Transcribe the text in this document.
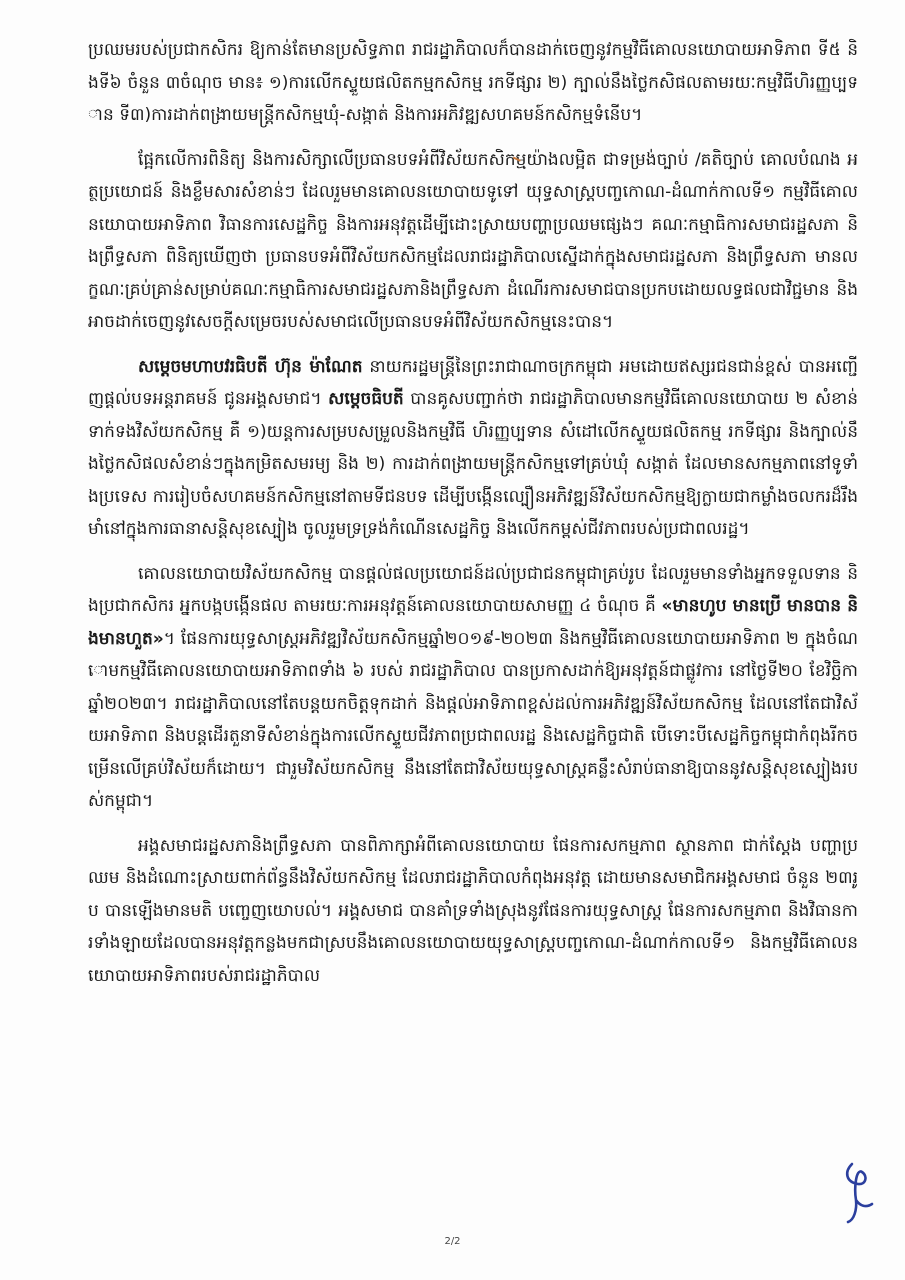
ប្រឈមរបស់ប្រជាកសិករ ឱ្យកាន់តែមានប្រសិទ្ធភាព រាជរដ្ឋាភិបាលក៏បានដាក់ចេញនូវកម្មវិធីគោលនយោបាយអាទិភាព ទី៥ និងទី៦ ចំនួន ៣ចំណុច មាន៖ ១)ការលើកស្ទួយផលិតកម្មកសិកម្ម រកទីផ្សារ ២) ក្បាល់នឹងថ្លៃកសិផលតាមរយៈកម្មវិធីហិរញ្ញប្បទាន ទី៣)ការដាក់ពង្រាយមន្ត្រីកសិកម្មឃុំ-សង្កាត់ និងការអភិវឌ្ឍសហគមន៍កសិកម្មទំនើប។

ផ្អែកលើការពិនិត្យ និងការសិក្សាលើប្រធានបទអំពីវិស័យកសិកម្មយ៉ាងលម្អិត ជាទម្រង់ច្បាប់ /គតិច្បាប់ គោលបំណង អត្ថប្រយោជន៍ និងខ្លឹមសារសំខាន់ៗ ដែលរួមមានគោលនយោបាយទូទៅ យុទ្ធសាស្ត្របញ្ចកោណ-ដំណាក់កាលទី១ កម្មវិធីគោលនយោបាយអាទិភាព វិធានការសេដ្ឋកិច្ច និងការអនុវត្តដើម្បីដោះស្រាយបញ្ហាប្រឈមផ្សេងៗ គណៈកម្មាធិការសមាជរដ្ឋសភា និងព្រឹទ្ធសភា ពិនិត្យឃើញថា ប្រធានបទអំពីវិស័យកសិកម្មដែលរាជរដ្ឋាភិបាលស្នើដាក់ក្នុងសមាជរដ្ឋសភា និងព្រឹទ្ធសភា មានលក្ខណៈគ្រប់គ្រាន់សម្រាប់គណៈកម្មាធិការសមាជរដ្ឋសភានិងព្រឹទ្ធសភា ដំណើរការសមាជបានប្រកបដោយលទ្ធផលជាវិជ្ជមាន និងអាចដាក់ចេញនូវសេចក្តីសម្រេចរបស់សមាជលើប្រធានបទអំពីវិស័យកសិកម្មនេះបាន។

សម្តេចមហាបវរធិបតី ហ៊ុន ម៉ាណែត នាយករដ្ឋមន្ត្រីនៃព្រះរាជាណាចក្រកម្ពុជា អមដោយឥស្សរជនជាន់ខ្ពស់ បានអញ្ជើញផ្តល់បទអន្តរាគមន៍ ជូនអង្គសមាជ។ សម្តេចធិបតី បានគូសបញ្ជាក់ថា រាជរដ្ឋាភិបាលមានកម្មវិធីគោលនយោបាយ ២ សំខាន់ ទាក់ទងវិស័យកសិកម្ម គឺ ១)យន្តការសម្របសម្រួលនិងកម្មវិធី ហិរញ្ញប្បទាន សំដៅលើកស្ទួយផលិតកម្ម រកទីផ្សារ និងក្បាល់នឹងថ្លៃកសិផលសំខាន់ៗក្នុងកម្រិតសមរម្យ និង ២) ការដាក់ពង្រាយមន្ត្រីកសិកម្មទៅគ្រប់ឃុំ សង្កាត់ ដែលមានសកម្មភាពនៅទូទាំងប្រទេស ការរៀបចំសហគមន៍កសិកម្មនៅតាមទីជនបទ ដើម្បីបង្កើនល្បឿនអភិវឌ្ឍន៍វិស័យកសិកម្មឱ្យក្លាយជាកម្លាំងចលករដ៏រឹងមាំនៅក្នុងការធានាសន្តិសុខស្បៀង ចូលរួមទ្រទ្រង់កំណើនសេដ្ឋកិច្ច និងលើកកម្ពស់ជីវភាពរបស់ប្រជាពលរដ្ឋ។

គោលនយោបាយវិស័យកសិកម្ម បានផ្តល់ផលប្រយោជន៍ដល់ប្រជាជនកម្ពុជាគ្រប់រូប ដែលរួមមានទាំងអ្នកទទួលទាន និងប្រជាកសិករ អ្នកបង្កបង្កើនផល តាមរយៈការអនុវត្តន៍គោលនយោបាយសាមញ្ញ ៤ ចំណុច គឺ «មានហូប មានប្រើ មានបាន និងមានហួត»។ ផែនការយុទ្ធសាស្ត្រអភិវឌ្ឍវិស័យកសិកម្មឆ្នាំ២០១៩-២០២៣ និងកម្មវិធីគោលនយោបាយអាទិភាព ២ ក្នុងចំណោមកម្មវិធីគោលនយោបាយអាទិភាពទាំង ៦ របស់ រាជរដ្ឋាភិបាល បានប្រកាសដាក់ឱ្យអនុវត្តន៍ជាផ្លូវការ នៅថ្ងៃទី២០ ខែវិច្ឆិកា ឆ្នាំ២០២៣។ រាជរដ្ឋាភិបាលនៅតែបន្តយកចិត្តទុកដាក់ និងផ្តល់អាទិភាពខ្ពស់ដល់ការអភិវឌ្ឍន៍វិស័យកសិកម្ម ដែលនៅតែជាវិស័យអាទិភាព និងបន្តដើរតួនាទីសំខាន់ក្នុងការលើកស្ទួយជីវភាពប្រជាពលរដ្ឋ និងសេដ្ឋកិច្ចជាតិ បើទោះបីសេដ្ឋកិច្ចកម្ពុជាកំពុងរីកចម្រើនលើគ្រប់វិស័យក៏ដោយ។ ជារួមវិស័យកសិកម្ម នឹងនៅតែជាវិស័យយុទ្ធសាស្ត្រគន្លឹះសំរាប់ធានាឱ្យបាននូវសន្តិសុខស្បៀងរបស់កម្ពុជា។

អង្គសមាជរដ្ឋសភានិងព្រឹទ្ធសភា បានពិភាក្សាអំពីគោលនយោបាយ ផែនការសកម្មភាព ស្ថានភាព ជាក់ស្តែង បញ្ហាប្រឈម និងដំណោះស្រាយពាក់ព័ន្ធនឹងវិស័យកសិកម្ម ដែលរាជរដ្ឋាភិបាលកំពុងអនុវត្ត ដោយមានសមាជិកអង្គសមាជ ចំនួន ២៣រូប បានឡើងមានមតិ បញ្ចេញយោបល់។ អង្គសមាជ បានគាំទ្រទាំងស្រុងនូវផែនការយុទ្ធសាស្ត្រ ផែនការសកម្មភាព និងវិធានការទាំងឡាយដែលបានអនុវត្តកន្លងមកជាស្របនឹងគោលនយោបាយយុទ្ធសាស្ត្របញ្ចកោណ-ដំណាក់កាលទី១ និងកម្មវិធីគោលនយោបាយអាទិភាពរបស់រាជរដ្ឋាភិបាល

2/2
